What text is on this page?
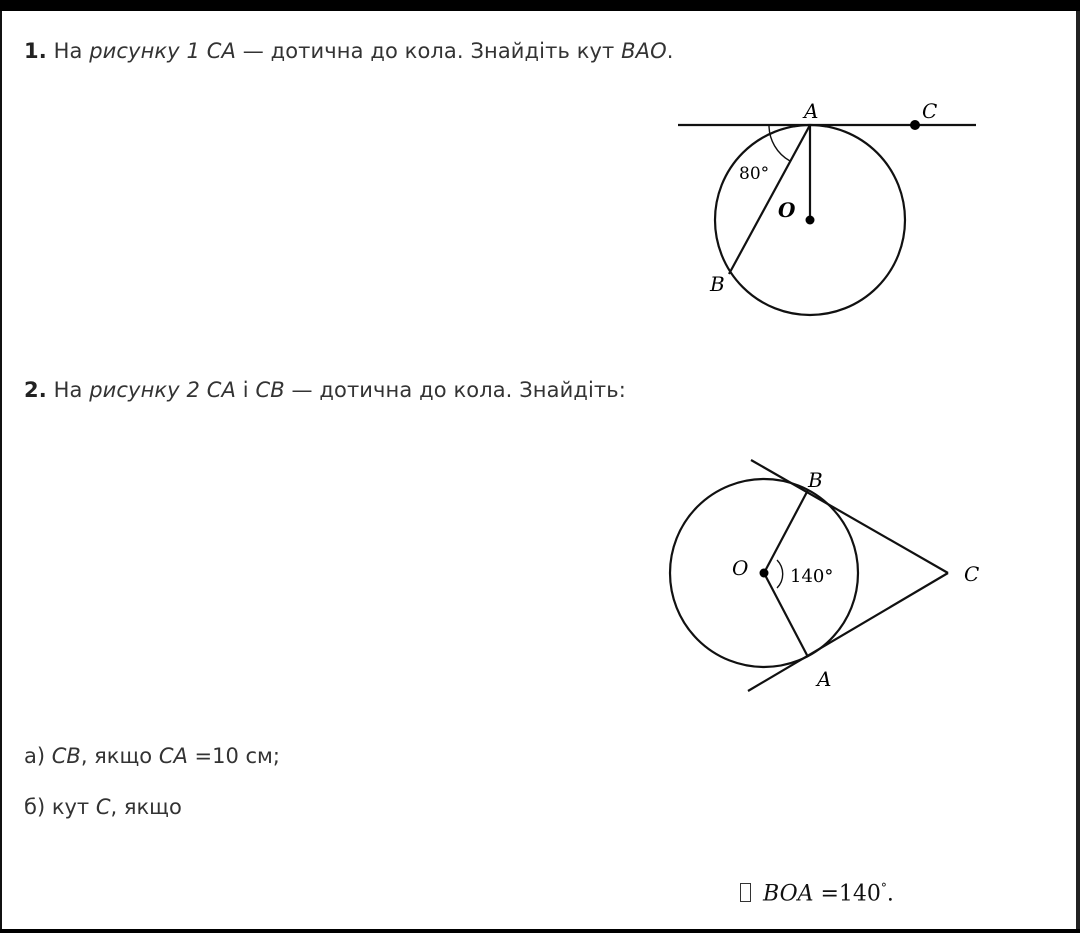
1. На рисунку 1 CA — дотична до кола. Знайдіть кут BAO.
A	C
O
B
80°
B
O	C
A
140°
2. На рисунку 2 CA і CB — дотична до кола. Знайдіть:
а) CB, якщо CA =10 см;
б) кут C, якщо
BOA =140°.
